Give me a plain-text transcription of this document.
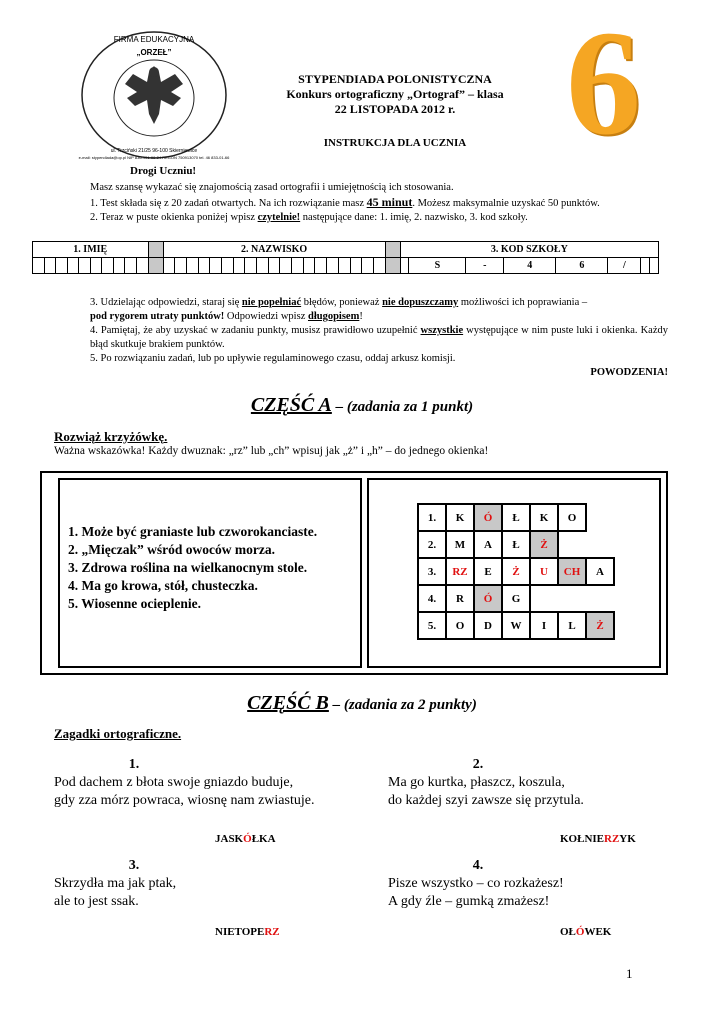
FIRMA EDUKACYJNA
„ORZEŁ”
ul. Trzciński 21/25 96-100 Skierniewice
e-mail: stypendiada@op.pl NIP 836-101-99-24 REGON 750913070 tel. 46 833-01-66
STYPENDIADA POLONISTYCZNA
Konkurs ortograficzny „Ortograf” – klasa
22 LISTOPADA 2012 r.
INSTRUKCJA DLA UCZNIA 6
Drogi Uczniu!
Masz szansę wykazać się znajomością zasad ortografii i umiejętnością ich stosowania.
1. Test składa się z 20 zadań otwartych. Na ich rozwiązanie masz 45 minut. Możesz maksymalnie uzyskać 50 punktów.
2. Teraz w puste okienka poniżej wpisz czytelnie! następujące dane: 1. imię, 2. nazwisko, 3. kod szkoły.
1. IMIĘ											2. NAZWISKO																				3. KOD SZKOŁY							
																																S	-	4	6	/		
3. Udzielając odpowiedzi, staraj się nie popełniać błędów, ponieważ nie dopuszczamy możliwości ich poprawiania –
pod rygorem utraty punktów! Odpowiedzi wpisz długopisem!
4. Pamiętaj, że aby uzyskać w zadaniu punkty, musisz prawidłowo uzupełnić wszystkie występujące w nim puste luki i okienka. Każdy błąd skutkuje brakiem punktów.
5. Po rozwiązaniu zadań, lub po upływie regulaminowego czasu, oddaj arkusz komisji.
POWODZENIA!
CZĘŚĆ A – (zadania za 1 punkt)
Rozwiąż krzyżówkę.
Ważna wskazówka! Każdy dwuznak: „rz” lub „ch” wpisuj jak „ż” i „h” – do jednego okienka!
1. Może być graniaste lub czworokanciaste.
2. „Mięczak” wśród owoców morza.
3. Zdrowa roślina na wielkanocnym stole.
4. Ma go krowa, stół, chusteczka.
5. Wiosenne ocieplenie.
1.	K	Ó	Ł	K	O	
2.	M	A	Ł	Ż		
3.	RZ	E	Ż	U	CH	A
4.	R	Ó	G			
5.	O	D	W	I	L	Ż
CZĘŚĆ B – (zadania za 2 punkty)
Zagadki ortograficzne.
1.
Pod dachem z błota swoje gniazdo buduje,
gdy zza mórz powraca, wiosnę nam zwiastuje.
2.
Ma go kurtka, płaszcz, koszula,
do każdej szyi zawsze się przytula.
JASKÓŁKA	KOŁNIERZYK
3.
Skrzydła ma jak ptak,
ale to jest ssak.
4.
Pisze wszystko – co rozkażesz!
A gdy źle – gumką zmażesz!
NIETOPERZ	OŁÓWEK
1
